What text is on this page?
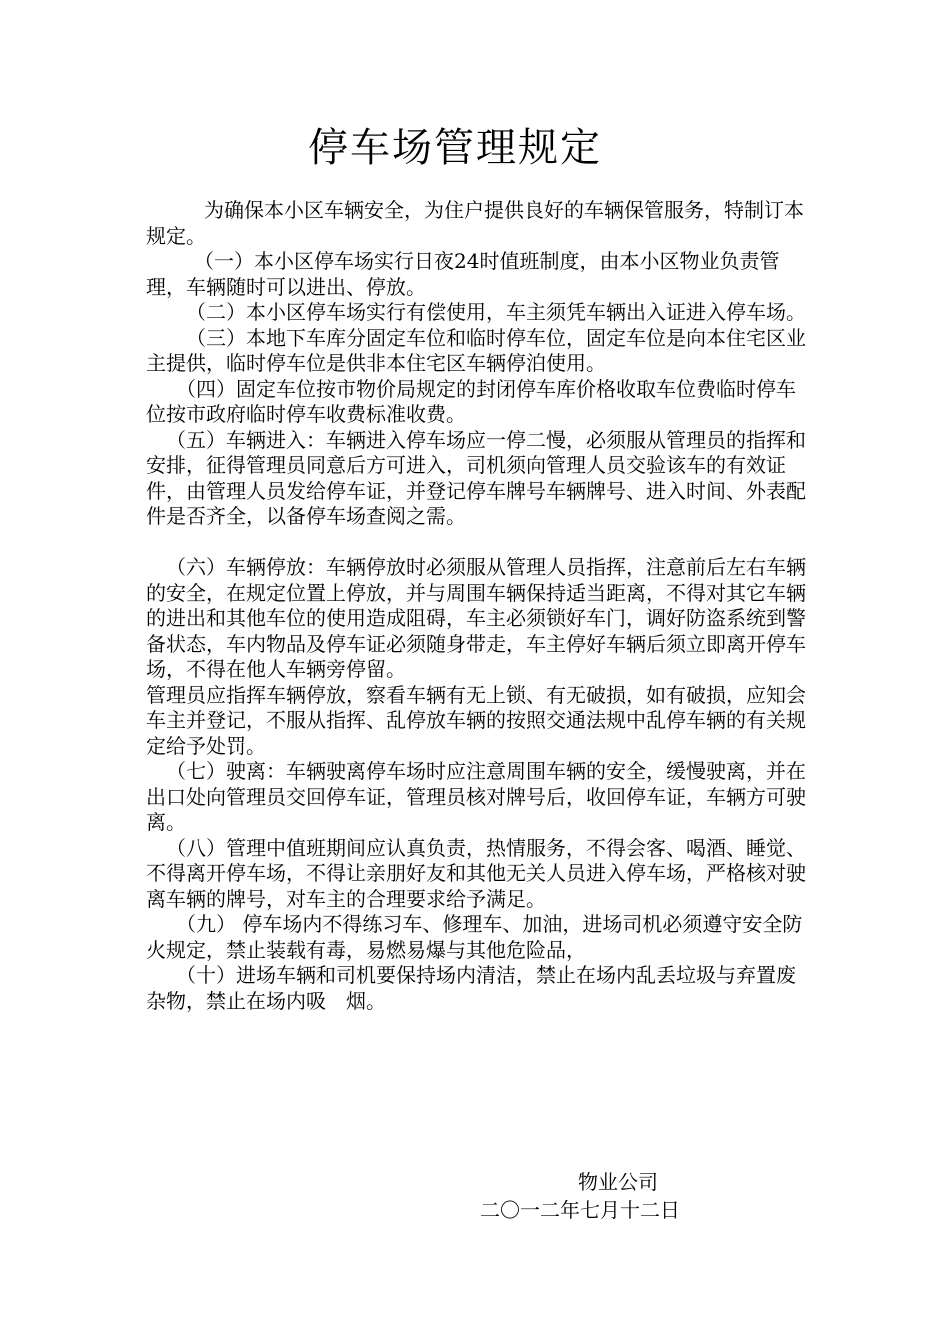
停车场管理规定

为确保本小区车辆安全，为住户提供良好的车辆保管服务，特制订本规定。

（一）本小区停车场实行日夜24时值班制度，由本小区物业负责管理，车辆随时可以进出、停放。

（二）本小区停车场实行有偿使用，车主须凭车辆出入证进入停车场。

（三）本地下车库分固定车位和临时停车位，固定车位是向本住宅区业主提供，临时停车位是供非本住宅区车辆停泊使用。

（四）固定车位按市物价局规定的封闭停车库价格收取车位费临时停车位按市政府临时停车收费标准收费。

（五）车辆进入：车辆进入停车场应一停二慢，必须服从管理员的指挥和安排，征得管理员同意后方可进入，司机须向管理人员交验该车的有效证件，由管理人员发给停车证，并登记停车牌号车辆牌号、进入时间、外表配件是否齐全，以备停车场查阅之需。

（六）车辆停放：车辆停放时必须服从管理人员指挥，注意前后左右车辆的安全，在规定位置上停放，并与周围车辆保持适当距离，不得对其它车辆的进出和其他车位的使用造成阻碍，车主必须锁好车门，调好防盗系统到警备状态，车内物品及停车证必须随身带走，车主停好车辆后须立即离开停车场，不得在他人车辆旁停留。

管理员应指挥车辆停放，察看车辆有无上锁、有无破损，如有破损，应知会车主并登记，不服从指挥、乱停放车辆的按照交通法规中乱停车辆的有关规定给予处罚。

（七）驶离：车辆驶离停车场时应注意周围车辆的安全，缓慢驶离，并在出口处向管理员交回停车证，管理员核对牌号后，收回停车证，车辆方可驶离。

（八）管理中值班期间应认真负责，热情服务，不得会客、喝酒、睡觉、不得离开停车场，不得让亲朋好友和其他无关人员进入停车场，严格核对驶离车辆的牌号，对车主的合理要求给予满足。

（九） 停车场内不得练习车、修理车、加油，进场司机必须遵守安全防火规定，禁止装载有毒，易燃易爆与其他危险品，

（十）进场车辆和司机要保持场内清洁，禁止在场内乱丢垃圾与弃置废杂物，禁止在场内吸　烟。

物业公司
二〇一二年七月十二日
